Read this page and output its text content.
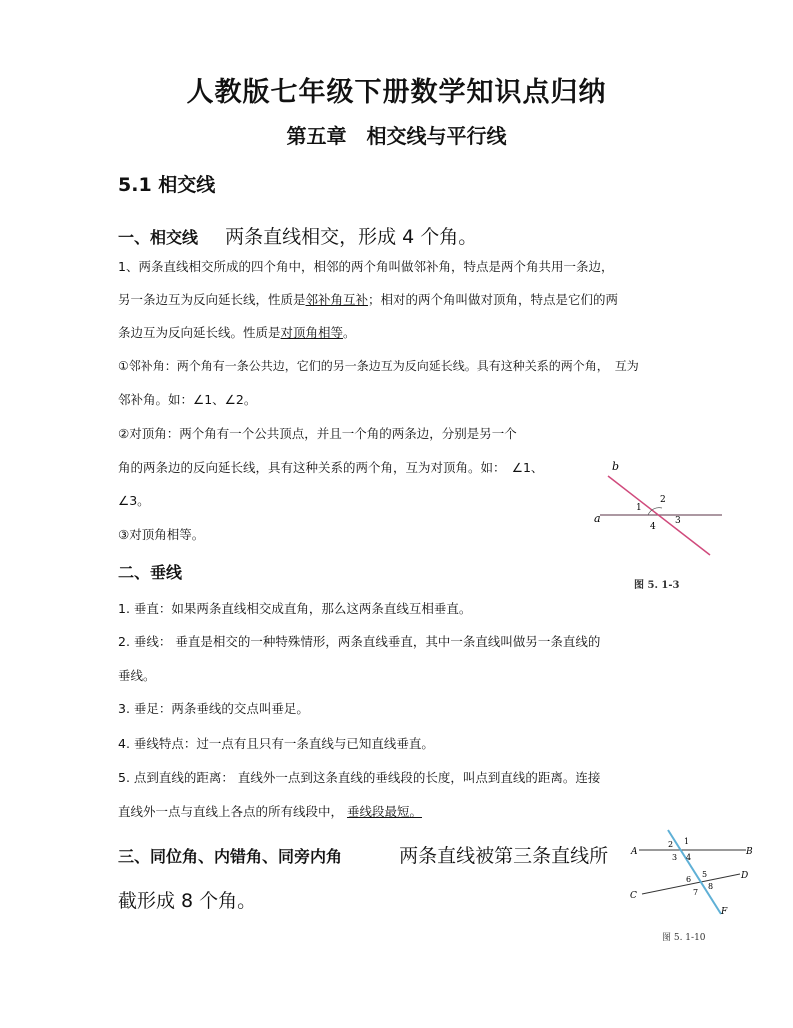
人教版七年级下册数学知识点归纳
第五章　相交线与平行线
5.1 相交线
一、相交线 两条直线相交，形成 4 个角。
1、两条直线相交所成的四个角中，相邻的两个角叫做邻补角，特点是两个角共用一条边，
另一条边互为反向延长线，性质是邻补角互补；相对的两个角叫做对顶角，特点是它们的两
条边互为反向延长线。性质是对顶角相等。
①邻补角：两个角有一条公共边，它们的另一条边互为反向延长线。具有这种关系的两个角，　互为
邻补角。如：∠1、∠2。
②对顶角：两个角有一个公共顶点，并且一个角的两条边，分别是另一个
角的两条边的反向延长线，具有这种关系的两个角，互为对顶角。如：　∠1、
∠3。
③对顶角相等。
b
a
1
2
3
4
图 5. 1-3
二、垂线
1. 垂直：如果两条直线相交成直角，那么这两条直线互相垂直。
2. 垂线： 垂直是相交的一种特殊情形，两条直线垂直，其中一条直线叫做另一条直线的
垂线。
3. 垂足：两条垂线的交点叫垂足。
4. 垂线特点：过一点有且只有一条直线与已知直线垂直。
5. 点到直线的距离： 直线外一点到这条直线的垂线段的长度，叫点到直线的距离。连接
直线外一点与直线上各点的所有线段中， 垂线段最短。
三、同位角、内错角、同旁内角	两条直线被第三条直线所
截形成 8 个角。
A	B
C
D
F
1
2
3 4
5
6
7
8
图 5. 1-10
